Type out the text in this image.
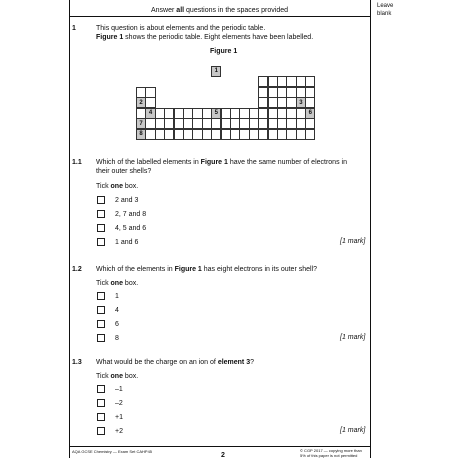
Answer all questions in the spaces provided
Leave
blank
1	This question is about elements and the periodic table.
Figure 1 shows the periodic table. Eight elements have been labelled.
Figure 1
1
2	3
4	5	6
7
8
1.1 Which of the labelled elements in Figure 1 have the same number of electrons in
their outer shells?
Tick one box.
2 and 3
2, 7 and 8
4, 5 and 6
1 and 6	[1 mark]
1.2 Which of the elements in Figure 1 has eight electrons in its outer shell?
Tick one box.
1
4
6
8	[1 mark]
1.3 What would be the charge on an ion of element 3?
Tick one box.
–1
–2
+1
+2	[1 mark]
AQA GCSE Chemistry — Exam Set CAHP45
2
© CGP 2017 — copying more than
5% of this paper is not permitted
